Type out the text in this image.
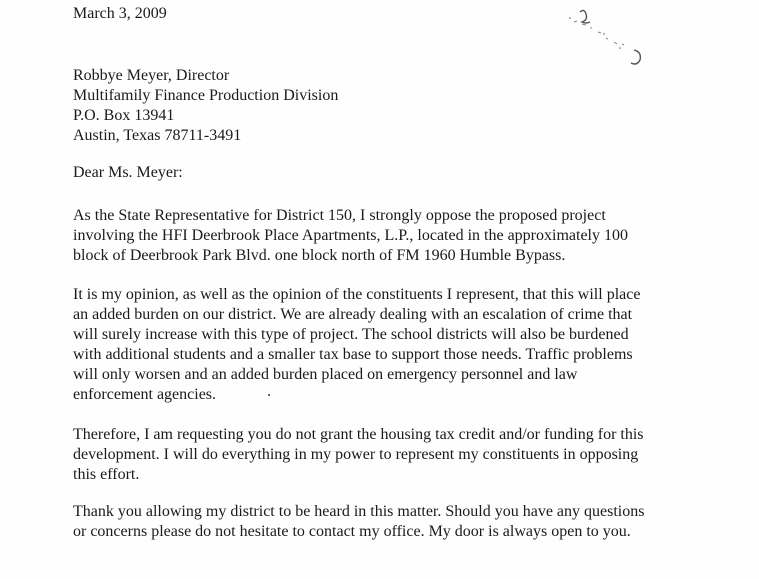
March 3, 2009

Robbye Meyer, Director
Multifamily Finance Production Division
P.O. Box 13941
Austin, Texas 78711-3491

Dear Ms. Meyer:

As the State Representative for District 150, I strongly oppose the proposed project
involving the HFI Deerbrook Place Apartments, L.P., located in the approximately 100
block of Deerbrook Park Blvd. one block north of FM 1960 Humble Bypass.
It is my opinion, as well as the opinion of the constituents I represent, that this will place
an added burden on our district. We are already dealing with an escalation of crime that
will surely increase with this type of project. The school districts will also be burdened
with additional students and a smaller tax base to support those needs. Traffic problems
will only worsen and an added burden placed on emergency personnel and law
enforcement agencies.
Therefore, I am requesting you do not grant the housing tax credit and/or funding for this
development. I will do everything in my power to represent my constituents in opposing
this effort.
Thank you allowing my district to be heard in this matter. Should you have any questions
or concerns please do not hesitate to contact my office. My door is always open to you.
